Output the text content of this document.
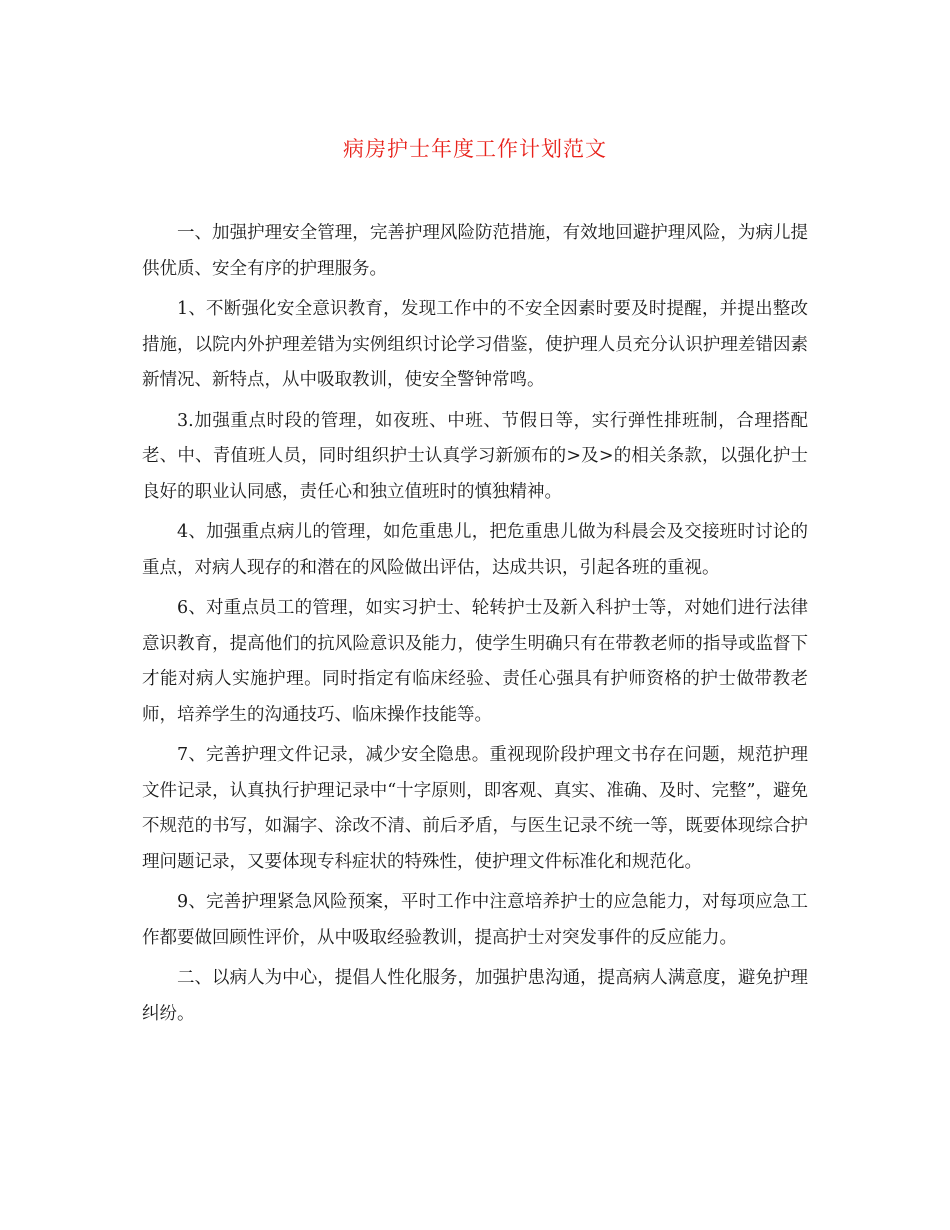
病房护士年度工作计划范文

一、加强护理安全管理，完善护理风险防范措施，有效地回避护理风险，为病儿提供优质、安全有序的护理服务。

1、不断强化安全意识教育，发现工作中的不安全因素时要及时提醒，并提出整改措施，以院内外护理差错为实例组织讨论学习借鉴，使护理人员充分认识护理差错因素新情况、新特点，从中吸取教训，使安全警钟常鸣。

3.加强重点时段的管理，如夜班、中班、节假日等，实行弹性排班制，合理搭配老、中、青值班人员，同时组织护士认真学习新颁布的>及>的相关条款，以强化护士良好的职业认同感，责任心和独立值班时的慎独精神。

4、加强重点病儿的管理，如危重患儿，把危重患儿做为科晨会及交接班时讨论的重点，对病人现存的和潜在的风险做出评估，达成共识，引起各班的重视。

6、对重点员工的管理，如实习护士、轮转护士及新入科护士等，对她们进行法律意识教育，提高他们的抗风险意识及能力，使学生明确只有在带教老师的指导或监督下才能对病人实施护理。同时指定有临床经验、责任心强具有护师资格的护士做带教老师，培养学生的沟通技巧、临床操作技能等。

7、完善护理文件记录，减少安全隐患。重视现阶段护理文书存在问题，规范护理文件记录，认真执行护理记录中“十字原则，即客观、真实、准确、及时、完整”，避免不规范的书写，如漏字、涂改不清、前后矛盾，与医生记录不统一等，既要体现综合护理问题记录，又要体现专科症状的特殊性，使护理文件标准化和规范化。

9、完善护理紧急风险预案，平时工作中注意培养护士的应急能力，对每项应急工作都要做回顾性评价，从中吸取经验教训，提高护士对突发事件的反应能力。

二、以病人为中心，提倡人性化服务，加强护患沟通，提高病人满意度，避免护理纠纷。
